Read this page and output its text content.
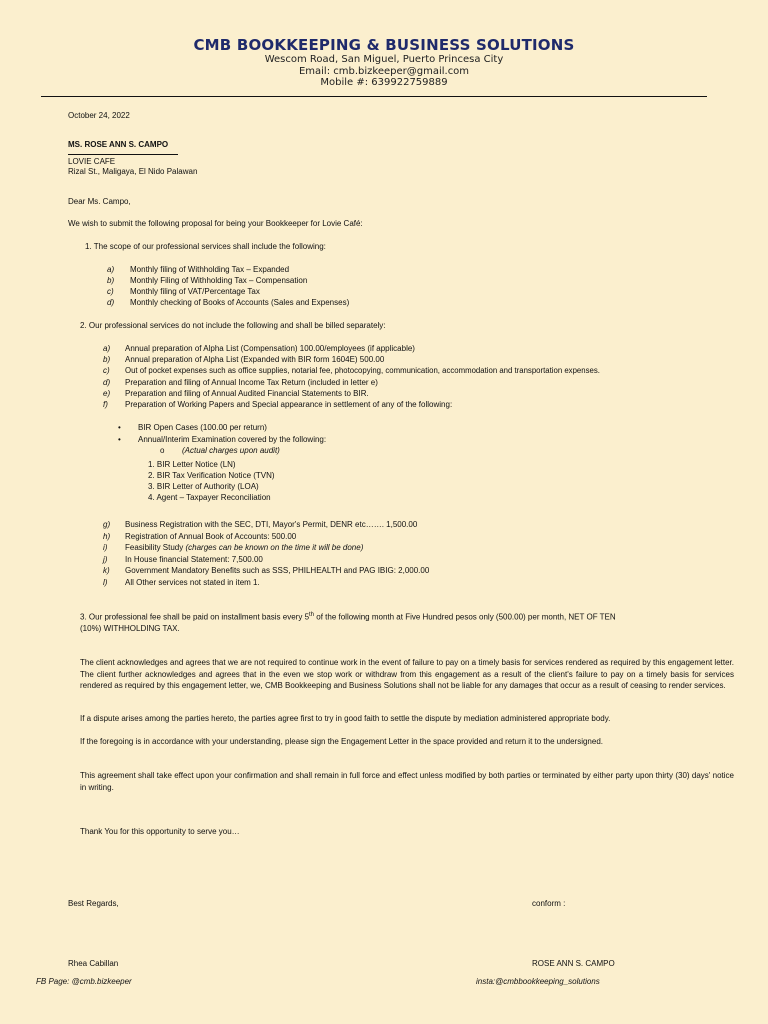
CMB BOOKKEEPING & BUSINESS SOLUTIONS
Wescom Road, San Miguel, Puerto Princesa City
Email: cmb.bizkeeper@gmail.com
Mobile #: 639922759889
October 24, 2022
MS. ROSE ANN S. CAMPO
LOVIE CAFE
Rizal St., Maligaya, El Nido Palawan
Dear Ms. Campo,
We wish to submit the following proposal for being your Bookkeeper for Lovie Café:
1. The scope of our professional services shall include the following:
a) Monthly filing of Withholding Tax – Expanded
b) Monthly Filing of Withholding Tax – Compensation
c) Monthly filing of VAT/Percentage Tax
d) Monthly checking of Books of Accounts (Sales and Expenses)
2. Our professional services do not include the following and shall be billed separately:
a) Annual preparation of Alpha List (Compensation) 100.00/employees (if applicable)
b) Annual preparation of Alpha List (Expanded with BIR form 1604E) 500.00
c) Out of pocket expenses such as office supplies, notarial fee, photocopying, communication, accommodation and transportation expenses.
d) Preparation and filing of Annual Income Tax Return (included in letter e)
e) Preparation and filing of Annual Audited Financial Statements to BIR.
f) Preparation of Working Papers and Special appearance in settlement of any of the following:
• BIR Open Cases (100.00 per return)
• Annual/Interim Examination covered by the following:
o (Actual charges upon audit)
1. BIR Letter Notice (LN)
2. BIR Tax Verification Notice (TVN)
3. BIR Letter of Authority (LOA)
4. Agent – Taxpayer Reconciliation
g) Business Registration with the SEC, DTI, Mayor's Permit, DENR etc……. 1,500.00
h) Registration of Annual Book of Accounts: 500.00
i) Feasibility Study (charges can be known on the time it will be done)
j) In House financial Statement: 7,500.00
k) Government Mandatory Benefits such as SSS, PHILHEALTH and PAG IBIG: 2,000.00
l) All Other services not stated in item 1.
3. Our professional fee shall be paid on installment basis every 5th of the following month at Five Hundred pesos only (500.00) per month, NET OF TEN
(10%) WITHHOLDING TAX.
The client acknowledges and agrees that we are not required to continue work in the event of failure to pay on a timely basis for services rendered as required by this engagement letter. The client further acknowledges and agrees that in the even we stop work or withdraw from this engagement as a result of the client's failure to pay on a timely basis for services rendered as required by this engagement letter, we, CMB Bookkeeping and Business Solutions shall not be liable for any damages that occur as a result of ceasing to render services.
If a dispute arises among the parties hereto, the parties agree first to try in good faith to settle the dispute by mediation administered appropriate body.
If the foregoing is in accordance with your understanding, please sign the Engagement Letter in the space provided and return it to the undersigned.
This agreement shall take effect upon your confirmation and shall remain in full force and effect unless modified by both parties or terminated by either party upon thirty (30) days' notice in writing.
Thank You for this opportunity to serve you…
Best Regards,	conform :
Rhea Cabillan	ROSE ANN S. CAMPO
FB Page: @cmb.bizkeeper	insta:@cmbbookkeeping_solutions
